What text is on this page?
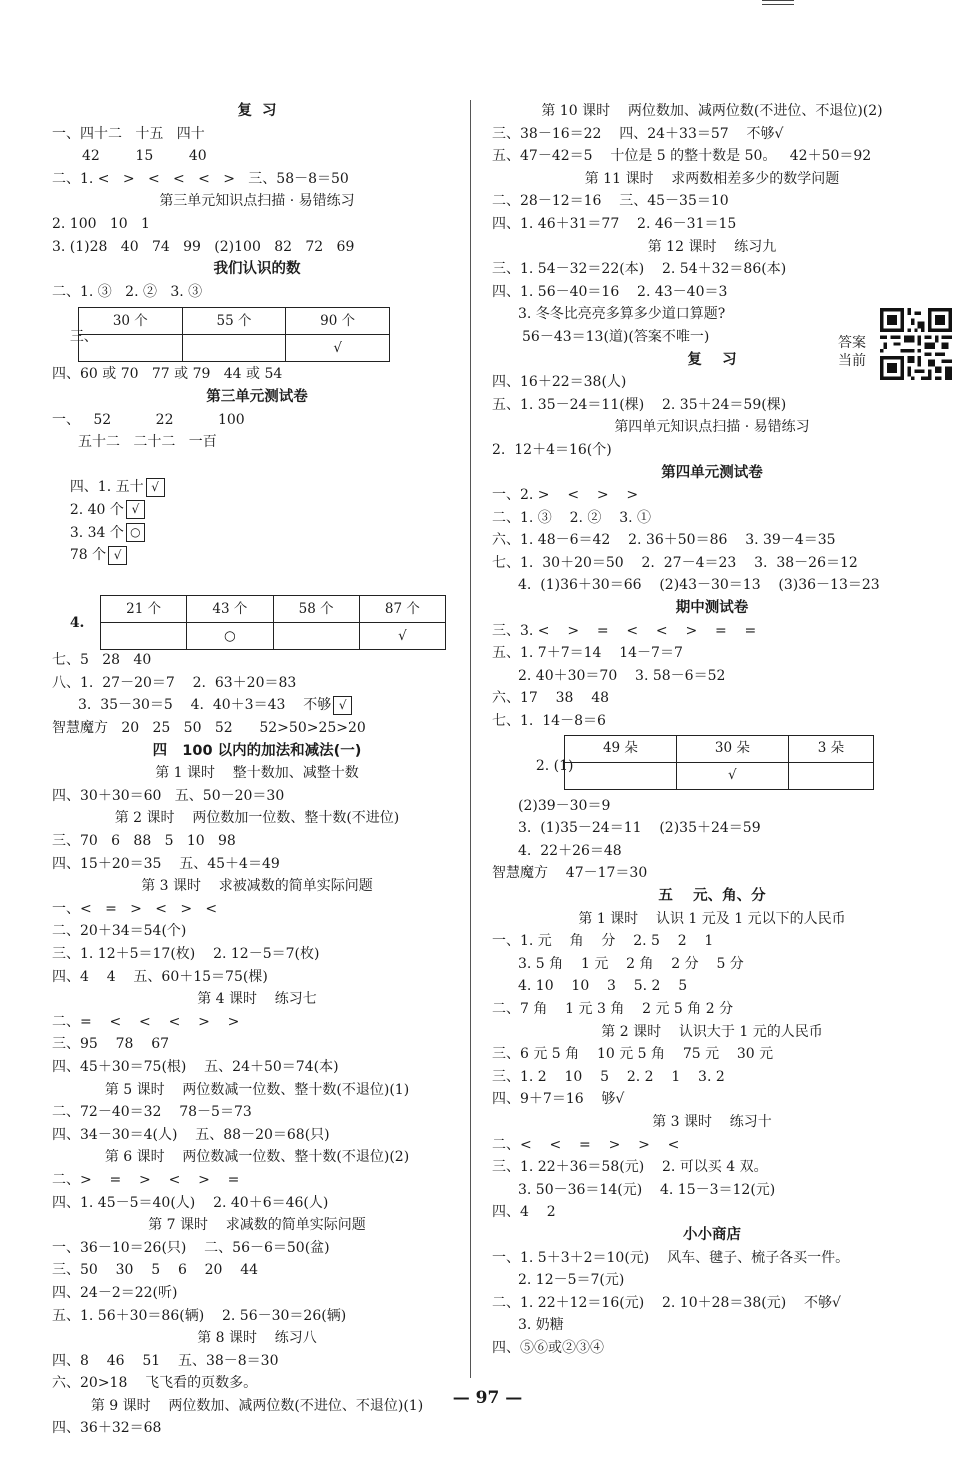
复  习
一、四十二   十五   四十
42        15        40
二、1. <   >   <   <   <   >   三、58－8＝50
第三单元知识点扫描 · 易错练习
2. 100   10   1
3. (1)28   40   74   99   (2)100   82   72   69
我们认识的数
二、1. ③   2. ②   3. ③

三、

30 个	55 个	90 个
		√

四、60 或 70   77 或 79   44 或 54
第三单元测试卷
一、   52          22          100
五十二   二十二   一百

四、1. 五十 √
2. 40 个 √
3. 34 个 ○
78 个 √

4.

21 个	43 个	58 个	87 个
	○		√

七、5   28   40
八、1.  27－20＝7    2.  63＋20＝83
3.  35－30＝5    4.  40＋3＝43    不够 √
智慧魔方   20   25   50   52      52>50>25>20
四   100 以内的加法和减法(一)
第 1 课时    整十数加、减整十数
四、30＋30＝60   五、50－20＝30
第 2 课时    两位数加一位数、整十数(不进位)
三、70   6   88   5   10   98
四、15＋20＝35    五、45＋4＝49
第 3 课时    求被减数的简单实际问题
一、<   =   >   <   >   <
二、20＋34＝54(个)
三、1. 12＋5＝17(枚)    2. 12－5＝7(枚)
四、4    4    五、60＋15＝75(棵)
第 4 课时    练习七
二、=    <    <    <    >    >
三、95    78    67
四、45＋30＝75(根)    五、24＋50＝74(本)
第 5 课时    两位数减一位数、整十数(不退位)(1)
二、72－40＝32    78－5＝73
四、34－30＝4(人)    五、88－20＝68(只)
第 6 课时    两位数减一位数、整十数(不退位)(2)
二、>    =    >    <    >    =
四、1. 45－5＝40(人)    2. 40＋6＝46(人)
第 7 课时    求减数的简单实际问题
一、36－10＝26(只)    二、56－6＝50(盆)
三、50    30    5    6    20    44
四、24－2＝22(听)
五、1. 56＋30＝86(辆)    2. 56－30＝26(辆)
第 8 课时    练习八
四、8    46    51    五、38－8＝30
六、20>18    飞飞看的页数多。
第 9 课时    两位数加、减两位数(不进位、不退位)(1)
四、36＋32＝68
第 10 课时    两位数加、减两位数(不进位、不退位)(2)
三、38－16＝22    四、24＋33＝57    不够√
五、47－42＝5    十位是 5 的整十数是 50。   42＋50＝92
第 11 课时    求两数相差多少的数学问题
二、28－12＝16    三、45－35＝10
四、1. 46＋31＝77    2. 46－31＝15
第 12 课时    练习九
三、1. 54－32＝22(本)    2. 54＋32＝86(本)
四、1. 56－40＝16    2. 43－40＝3
3. 冬冬比亮亮多算多少道口算题?
56－43＝13(道)(答案不唯一)
复    习
四、16＋22＝38(人)
五、1. 35－24＝11(棵)    2. 35＋24＝59(棵)
第四单元知识点扫描 · 易错练习
2.  12＋4＝16(个)
第四单元测试卷
一、2. >    <    >    >
二、1. ③    2. ②    3. ①
六、1. 48－6＝42    2. 36＋50＝86    3. 39－4＝35
七、1.  30＋20＝50    2.  27－4＝23    3.  38－26＝12
4.  (1)36＋30＝66    (2)43－30＝13    (3)36－13＝23
期中测试卷
三、3. <    >    =    <    <    >    =    =
五、1. 7＋7＝14    14－7＝7
2. 40＋30＝70    3. 58－6＝52
六、17    38    48
七、1.  14－8＝6

2. (1)

49 朵	30 朵	3 朵
	√	

(2)39－30＝9
3.  (1)35－24＝11    (2)35＋24＝59
4.  22＋26＝48
智慧魔方    47－17＝30
五    元、角、分
第 1 课时    认识 1 元及 1 元以下的人民币
一、1. 元    角    分    2. 5    2    1
3. 5 角    1 元    2 角    2 分    5 分
4. 10    10    3    5. 2    5
二、7 角    1 元 3 角    2 元 5 角 2 分
第 2 课时    认识大于 1 元的人民币
三、6 元 5 角    10 元 5 角    75 元    30 元
三、1. 2    10    5    2. 2    1    3. 2
四、9＋7＝16    够√
第 3 课时    练习十
二、<    <    =    >    >    <
三、1. 22＋36＝58(元)    2. 可以买 4 双。
3. 50－36＝14(元)    4. 15－3＝12(元)
四、4    2
小小商店
一、1. 5＋3＋2＝10(元)    风车、毽子、梳子各买一件。
2. 12－5＝7(元)
二、1. 22＋12＝16(元)    2. 10＋28＝38(元)    不够√
3. 奶糖
四、⑤⑥或②③④
答案当前
— 97 —
